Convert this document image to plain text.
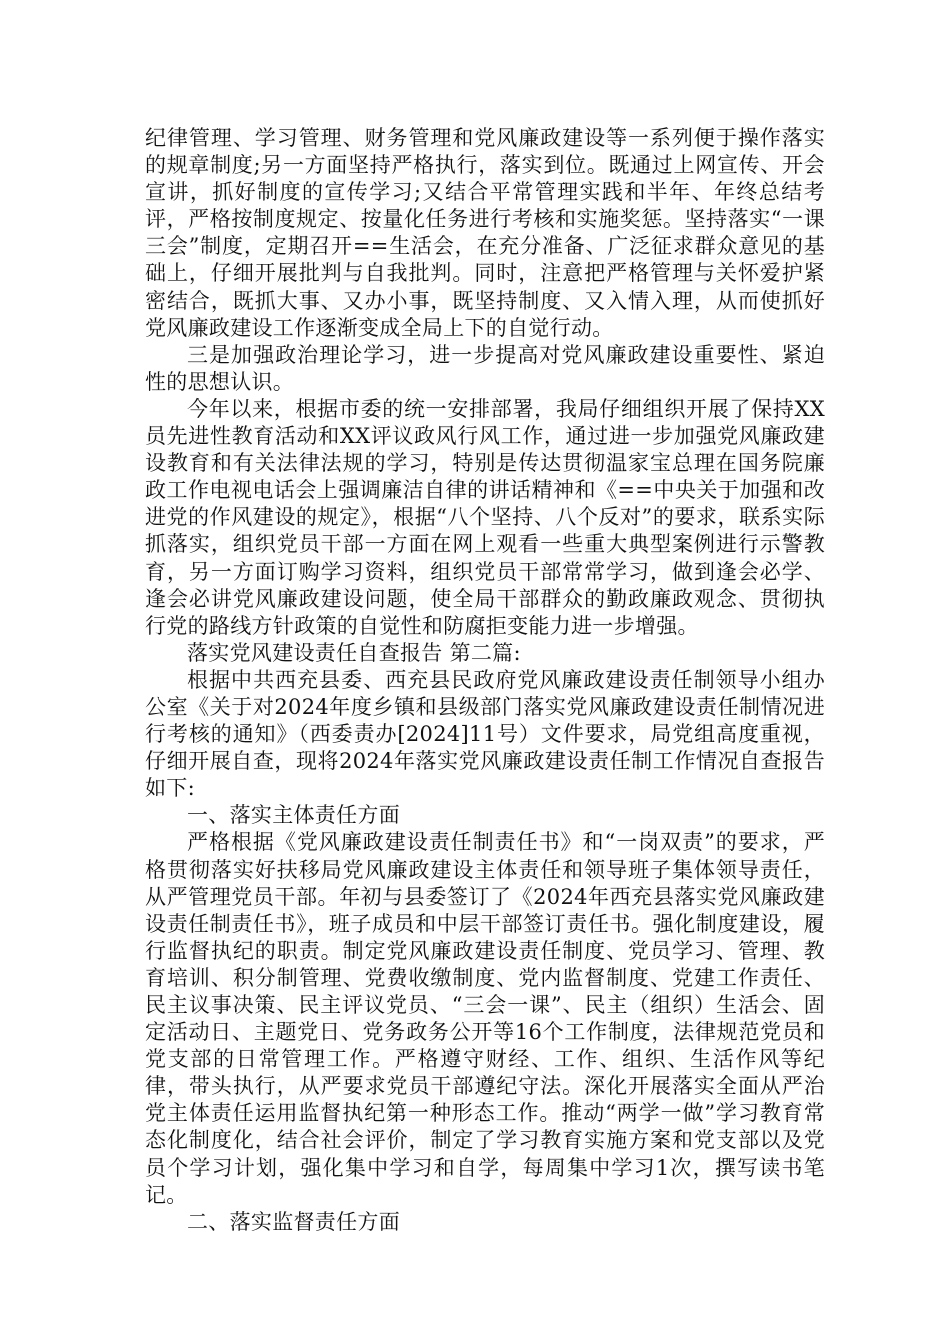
纪律管理、学习管理、财务管理和党风廉政建设等一系列便于操作落实的规章制度;另一方面坚持严格执行，落实到位。既通过上网宣传、开会宣讲，抓好制度的宣传学习;又结合平常管理实践和半年、年终总结考评，严格按制度规定、按量化任务进行考核和实施奖惩。坚持落实“一课三会”制度，定期召开==生活会，在充分准备、广泛征求群众意见的基础上，仔细开展批判与自我批判。同时，注意把严格管理与关怀爱护紧密结合，既抓大事、又办小事，既坚持制度、又入情入理，从而使抓好党风廉政建设工作逐渐变成全局上下的自觉行动。

三是加强政治理论学习，进一步提高对党风廉政建设重要性、紧迫性的思想认识。

今年以来，根据市委的统一安排部署，我局仔细组织开展了保持XX员先进性教育活动和XX评议政风行风工作，通过进一步加强党风廉政建设教育和有关法律法规的学习，特别是传达贯彻温家宝总理在国务院廉政工作电视电话会上强调廉洁自律的讲话精神和《==中央关于加强和改进党的作风建设的规定》，根据“八个坚持、八个反对”的要求，联系实际抓落实，组织党员干部一方面在网上观看一些重大典型案例进行示警教育，另一方面订购学习资料，组织党员干部常常学习，做到逢会必学、逢会必讲党风廉政建设问题，使全局干部群众的勤政廉政观念、贯彻执行党的路线方针政策的自觉性和防腐拒变能力进一步增强。

落实党风建设责任自查报告 第二篇:

根据中共西充县委、西充县民政府党风廉政建设责任制领导小组办公室《关于对2024年度乡镇和县级部门落实党风廉政建设责任制情况进行考核的通知》（西委责办[2024]11号）文件要求，局党组高度重视，仔细开展自查，现将2024年落实党风廉政建设责任制工作情况自查报告如下:

一、落实主体责任方面

严格根据《党风廉政建设责任制责任书》和“一岗双责”的要求，严格贯彻落实好扶移局党风廉政建设主体责任和领导班子集体领导责任，从严管理党员干部。年初与县委签订了《2024年西充县落实党风廉政建设责任制责任书》，班子成员和中层干部签订责任书。强化制度建设，履行监督执纪的职责。制定党风廉政建设责任制度、党员学习、管理、教育培训、积分制管理、党费收缴制度、党内监督制度、党建工作责任、民主议事决策、民主评议党员、“三会一课”、民主（组织）生活会、固定活动日、主题党日、党务政务公开等16个工作制度，法律规范党员和党支部的日常管理工作。严格遵守财经、工作、组织、生活作风等纪律，带头执行，从严要求党员干部遵纪守法。深化开展落实全面从严治党主体责任运用监督执纪第一种形态工作。推动“两学一做”学习教育常态化制度化，结合社会评价，制定了学习教育实施方案和党支部以及党员个学习计划，强化集中学习和自学，每周集中学习1次，撰写读书笔记。

二、落实监督责任方面
